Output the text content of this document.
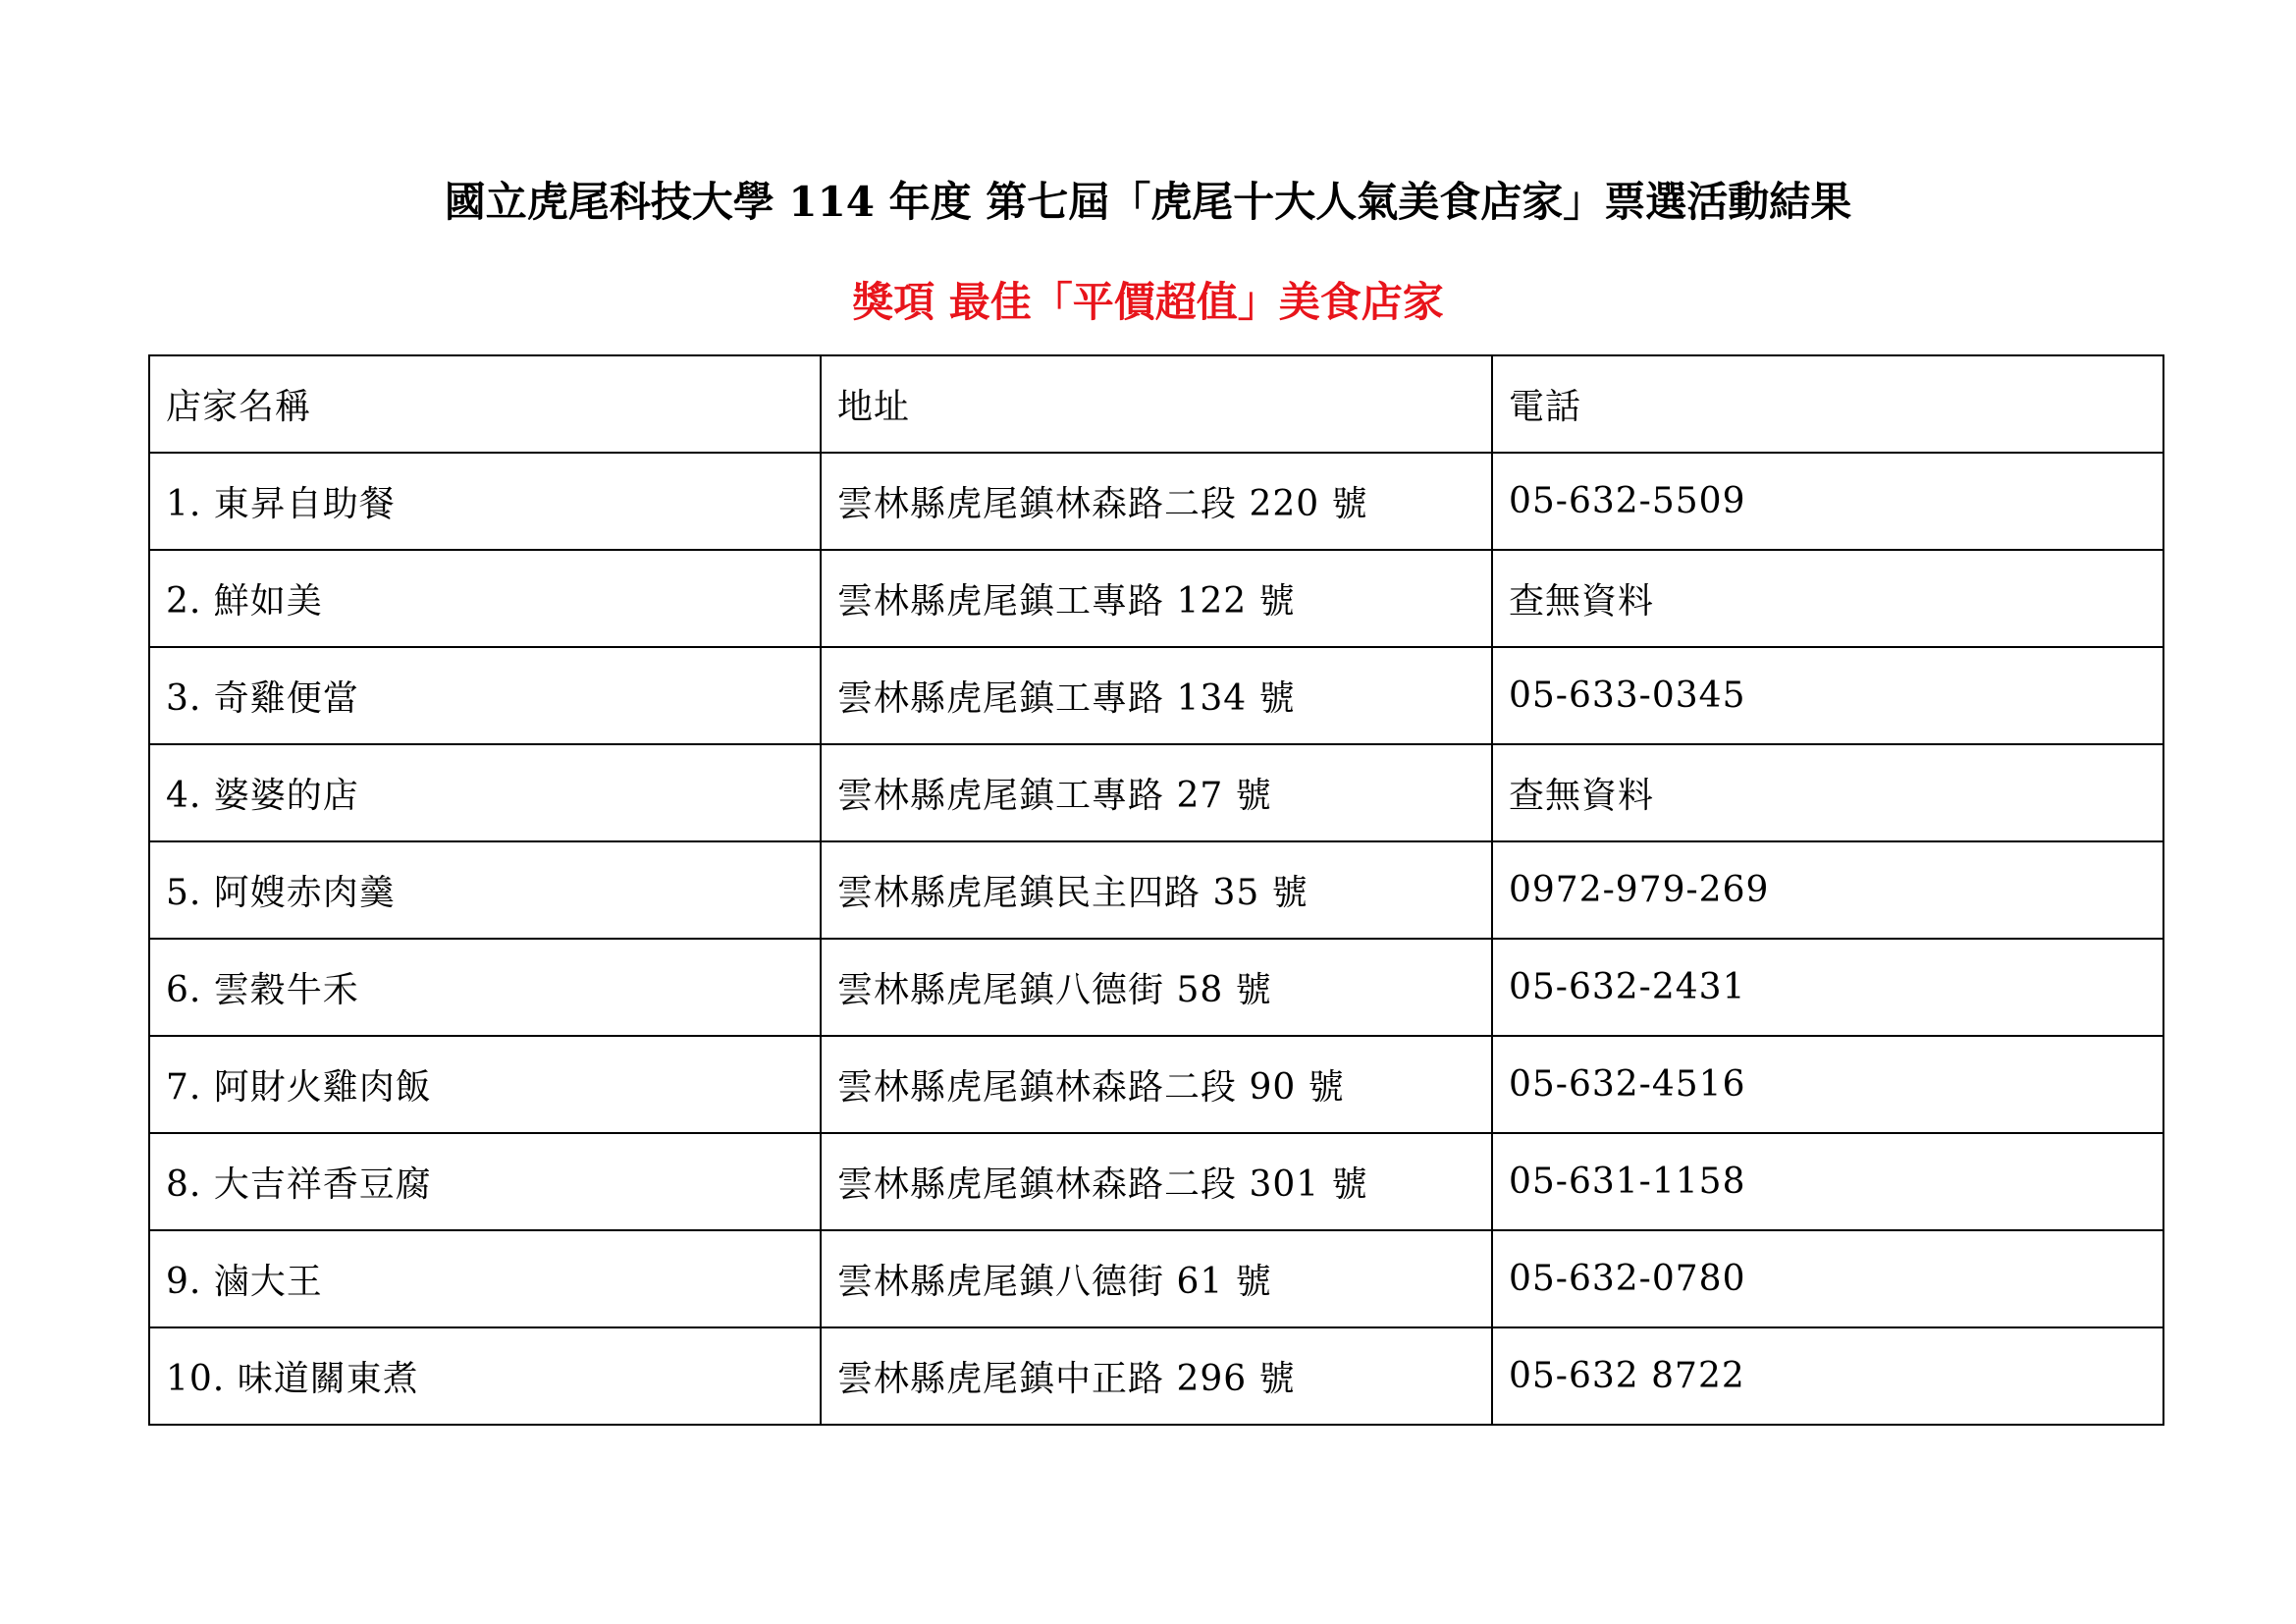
國立虎尾科技大學 114 年度 第七屆「虎尾十大人氣美食店家」票選活動結果
獎項 最佳「平價超值」美食店家
店家名稱	地址	電話
1. 東昇自助餐	雲林縣虎尾鎮林森路二段 220 號	05-632-5509
2. 鮮如美	雲林縣虎尾鎮工專路 122 號	查無資料
3. 奇雞便當	雲林縣虎尾鎮工專路 134 號	05-633-0345
4. 婆婆的店	雲林縣虎尾鎮工專路 27 號	查無資料
5. 阿嫂赤肉羹	雲林縣虎尾鎮民主四路 35 號	0972-979-269
6. 雲穀牛禾	雲林縣虎尾鎮八德街 58 號	05-632-2431
7. 阿財火雞肉飯	雲林縣虎尾鎮林森路二段 90 號	05-632-4516
8. 大吉祥香豆腐	雲林縣虎尾鎮林森路二段 301 號	05-631-1158
9. 滷大王	雲林縣虎尾鎮八德街 61 號	05-632-0780
10. 味道關東煮	雲林縣虎尾鎮中正路 296 號	05-632 8722
